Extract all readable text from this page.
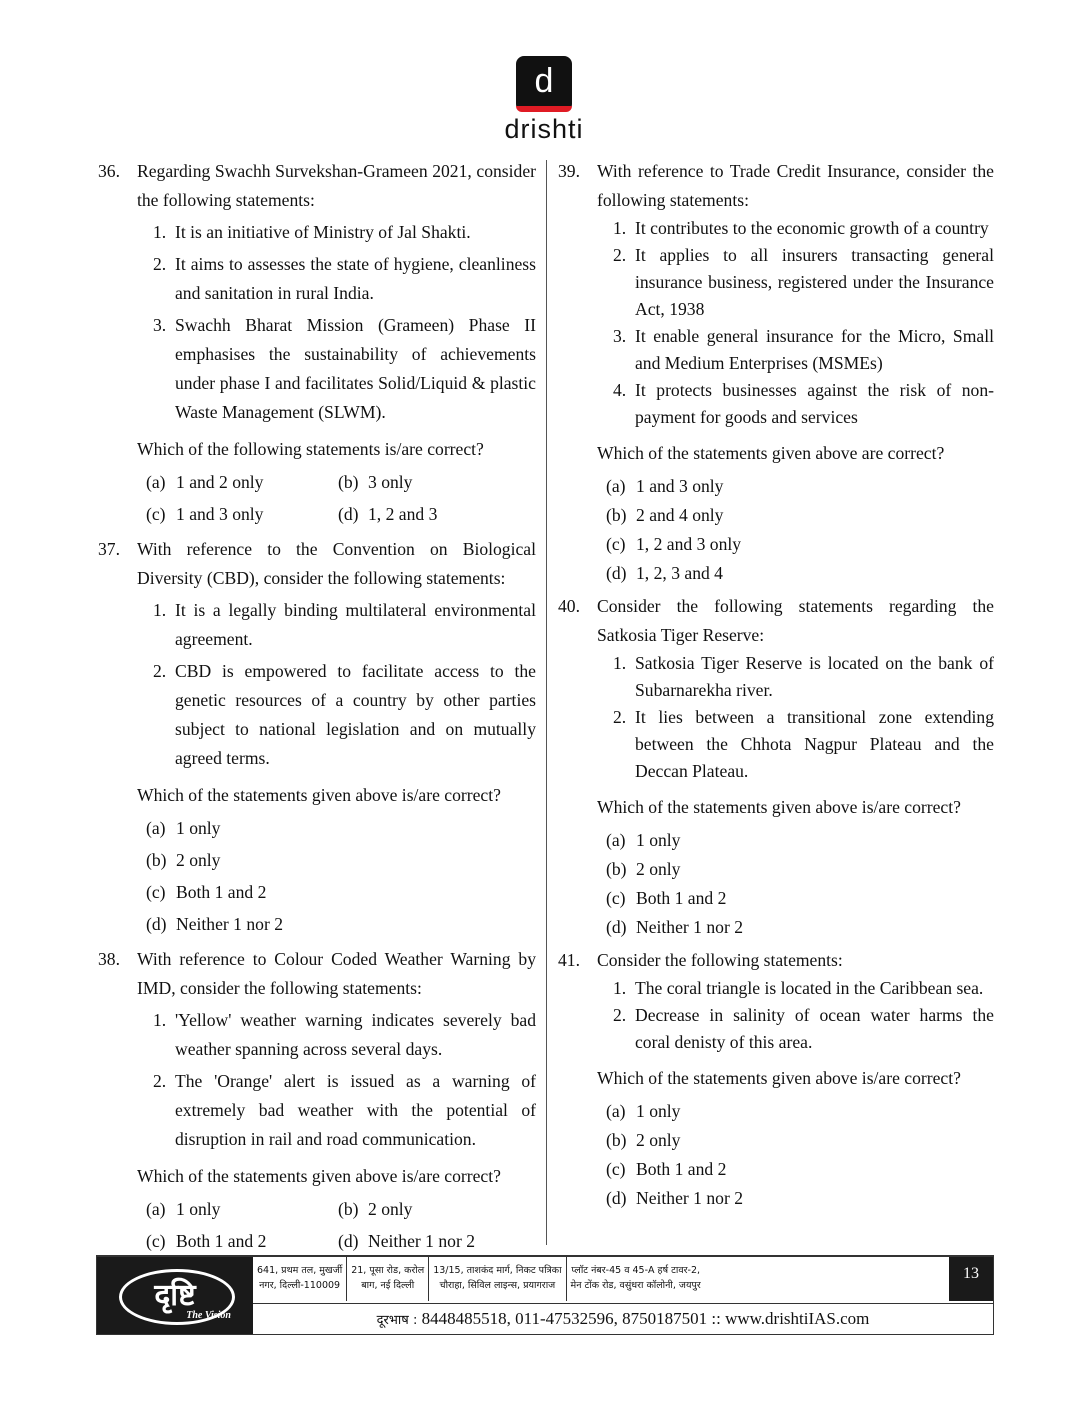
d
drishti
36. Regarding Swachh Survekshan-Grameen 2021, consider the following statements:
1. It is an initiative of Ministry of Jal Shakti.
2. It aims to assesses the state of hygiene, cleanliness and sanitation in rural India.
3. Swachh Bharat Mission (Grameen) Phase II emphasises the sustainability of achievements under phase I and facilitates Solid/Liquid & plastic Waste Management (SLWM).
Which of the following statements is/are correct?
(a) 1 and 2 only	(b) 3 only
(c) 1 and 3 only	(d) 1, 2 and 3
37. With reference to the Convention on Biological Diversity (CBD), consider the following statements:
1. It is a legally binding multilateral environmental agreement.
2. CBD is empowered to facilitate access to the genetic resources of a country by other parties subject to national legislation and on mutually agreed terms.
Which of the statements given above is/are correct?
(a) 1 only
(b) 2 only
(c) Both 1 and 2
(d) Neither 1 nor 2
38. With reference to Colour Coded Weather Warning by IMD, consider the following statements:
1. 'Yellow' weather warning indicates severely bad weather spanning across several days.
2. The 'Orange' alert is issued as a warning of extremely bad weather with the potential of disruption in rail and road communication.
Which of the statements given above is/are correct?
(a) 1 only	(b) 2 only
(c) Both 1 and 2	(d) Neither 1 nor 2
39. With reference to Trade Credit Insurance, consider the following statements:
1. It contributes to the economic growth of a country
2. It applies to all insurers transacting general insurance business, registered under the Insurance Act, 1938
3. It enable general insurance for the Micro, Small and Medium Enterprises (MSMEs)
4. It protects businesses against the risk of non-payment for goods and services
Which of the statements given above are correct?
(a) 1 and 3 only
(b) 2 and 4 only
(c) 1, 2 and 3 only
(d) 1, 2, 3 and 4
40. Consider the following statements regarding the Satkosia Tiger Reserve:
1. Satkosia Tiger Reserve is located on the bank of Subarnarekha river.
2. It lies between a transitional zone extending between the Chhota Nagpur Plateau and the Deccan Plateau.
Which of the statements given above is/are correct?
(a) 1 only
(b) 2 only
(c) Both 1 and 2
(d) Neither 1 nor 2
41. Consider the following statements:
1. The coral triangle is located in the Caribbean sea.
2. Decrease in salinity of ocean water harms the coral denisty of this area.
Which of the statements given above is/are correct?
(a) 1 only
(b) 2 only
(c) Both 1 and 2
(d) Neither 1 nor 2
दृष्टि
The Vision
641, प्रथम तल, मुखर्जी
नगर, दिल्ली-110009
21, पूसा रोड, करोल
बाग, नई दिल्ली
13/15, ताशकंद मार्ग, निकट पत्रिका
चौराहा, सिविल लाइन्स, प्रयागराज
प्लॉट नंबर-45 व 45-A हर्ष टावर-2,
मेन टोंक रोड, वसुंधरा कॉलोनी, जयपुर
13
दूरभाष : 8448485518, 011-47532596, 8750187501 :: www.drishtiIAS.com
